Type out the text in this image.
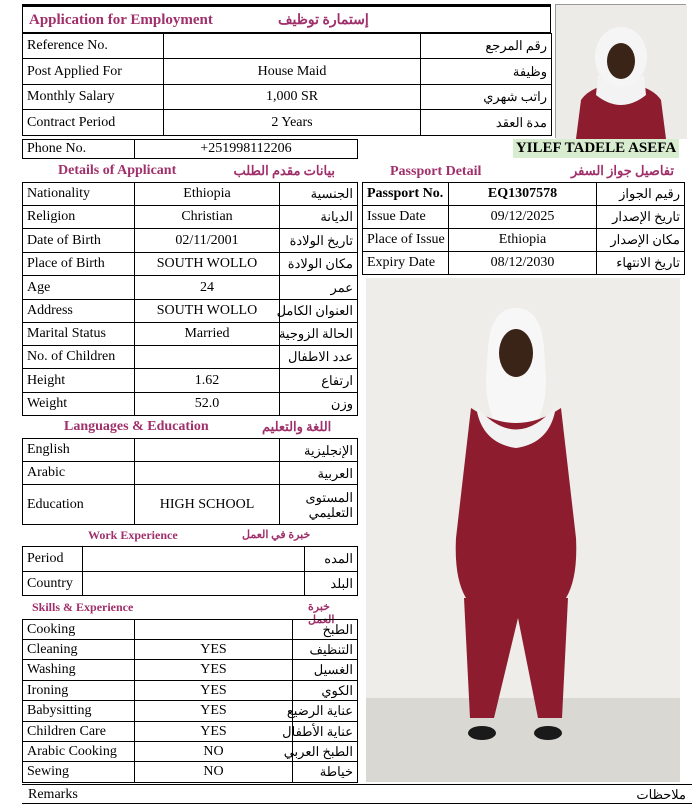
Application for Employment	إستمارة توظيف
Reference No.		رقم المرجع
Post Applied For	House Maid	وظيفة
Monthly Salary	1,000 SR	راتب شهري
Contract Period	2 Years	مدة العقد
Phone No.	+251998112206	YILEF TADELE ASEFA
Details of Applicant	بيانات مقدم الطلب	Passport Detail	تفاصيل جواز السفر
Nationality	Ethiopia	الجنسية
Religion	Christian	الديانة
Date of Birth	02/11/2001	تاريخ الولادة
Place of Birth	SOUTH WOLLO	مكان الولادة
Age	24	عمر
Address	SOUTH WOLLO	العنوان الكامل
Marital Status	Married	الحالة الزوجية
No. of Children		عدد الاطفال
Height	1.62	ارتفاع
Weight	52.0	وزن
Languages & Education	اللغة والتعليم
English		الإنجليزية
Arabic		العربية
Education	HIGH SCHOOL	المستوى التعليمي
Work Experience	خبرة في العمل
Period		المده
Country		البلد
Skills & Experience	خبرة العمل
Cooking		الطبخ
Cleaning	YES	التنظيف
Washing	YES	الغسيل
Ironing	YES	الكوي
Babysitting	YES	عناية الرضيع
Children Care	YES	عناية الأطفال
Arabic Cooking	NO	الطبخ العربي
Sewing	NO	خياطة
Passport No.	EQ1307578	رقيم الجواز
Issue Date	09/12/2025	تاريخ الإصدار
Place of Issue	Ethiopia	مكان الإصدار
Expiry Date	08/12/2030	تاريخ الانتهاء
Remarks	ملاحظات
